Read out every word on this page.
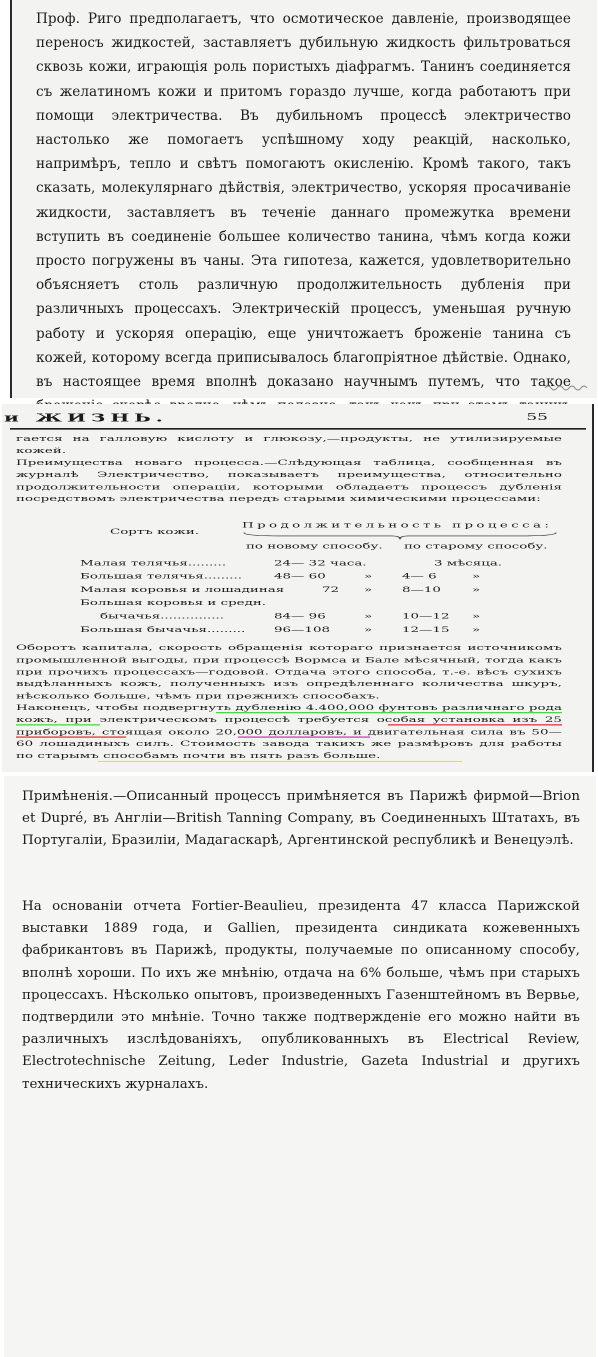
Проф. Риго предполагаетъ, что осмотическое давленіе, производящее переносъ жидкостей, заставляетъ дубильную жидкость фильтроваться сквозь кожи, играющія роль пористыхъ діафрагмъ. Танинъ соединяется съ желатиномъ кожи и притомъ гораздо лучше, когда работаютъ при помощи электричества. Въ дубильномъ процессѣ электричество настолько же помогаетъ успѣшному ходу реакцій, насколько, напримѣръ, тепло и свѣтъ помогаютъ окисленію. Кромѣ такого, такъ сказать, молекулярнаго дѣйствія, электричество, ускоряя просачиваніе жидкости, заставляетъ въ теченіе даннаго промежутка времени вступить въ соединеніе большее количество танина, чѣмъ когда кожи просто погружены въ чаны. Эта гипотеза, кажется, удовлетворительно объясняетъ столь различную продолжительность дубленія при различныхъ процессахъ. Электрическій процессъ, уменьшая ручную работу и ускоряя операцію, еще уничтожаетъ броженіе танина съ кожей, которому всегда приписывалось благопріятное дѣйствіе. Однако, въ настоящее время вполнѣ доказано научнымъ путемъ, что такое

и ЖИЗНЬ.	55

гается на галловую кислоту и глюкозу,—продукты, не утилизируемые кожей.

Преимущества новаго процесса.—Слѣдующая таблица, сообщенная въ журналѣ Электричество, показываетъ преимущества, относительно продолжительности операціи, которыми обладаетъ процессъ дубленія посредствомъ электричества передъ старыми химическими процессами:

Сортъ кожи.
Продолжительность процесса:
по новому способу. по старому способу.
Малая телячья.........	24— 32 часа.	3 мѣсяца.
Большая телячья......... 48— 60	» 4— 6	»
Малая коровья и лошадиная	72 » 8—10 »
Большая коровья и средн.
бычачья...............	84— 96	» 10—12 »
Большая бычачья......... 96—108	» 12—15 »

Оборотъ капитала, скорость обращенія котораго признается источникомъ промышленной выгоды, при процессѣ Вормса и Бале мѣсячный, тогда какъ при прочихъ процессахъ—годовой. Отдача этого способа, т.-е. вѣсъ сухихъ выдѣланныхъ кожъ, полученныхъ изъ опредѣленнаго количества шкуръ, нѣсколько больше, чѣмъ при прежнихъ способахъ.

Наконецъ, чтобы подвергнуть дубленію 4.400,000 фунтовъ различнаго рода кожъ, при электрическомъ процессѣ требуется особая установка изъ 25 приборовъ, стоящая около 20,000 долларовъ, и двигательная сила въ 50—60 лошадиныхъ силъ. Стоимость завода такихъ же размѣровъ для работы по старымъ способамъ почти въ пять разъ больше.

Примѣненія.—Описанный процессъ примѣняется въ Парижѣ фирмой—Brion et Dupré, въ Англіи—British Tanning Company, въ Соединенныхъ Штатахъ, въ Португаліи, Бразиліи, Мадагаскарѣ, Аргентинской республикѣ и Венецуэлѣ.

На основаніи отчета Fortier-Beaulieu, президента 47 класса Парижской выставки 1889 года, и Gallien, президента синдиката кожевенныхъ фабрикантовъ въ Парижѣ, продукты, получаемые по описанному способу, вполнѣ хороши. По ихъ же мнѣнію, отдача на 6% больше, чѣмъ при старыхъ процессахъ. Нѣсколько опытовъ, произведенныхъ Газенштейномъ въ Вервье, подтвердили это мнѣніе. Точно также подтвержденіе его можно найти въ различныхъ изслѣдованіяхъ, опубликованныхъ въ Electrical Review, Electrotechnische Zeitung, Leder Industrie, Gazeta Industrial и другихъ техническихъ журналахъ.
